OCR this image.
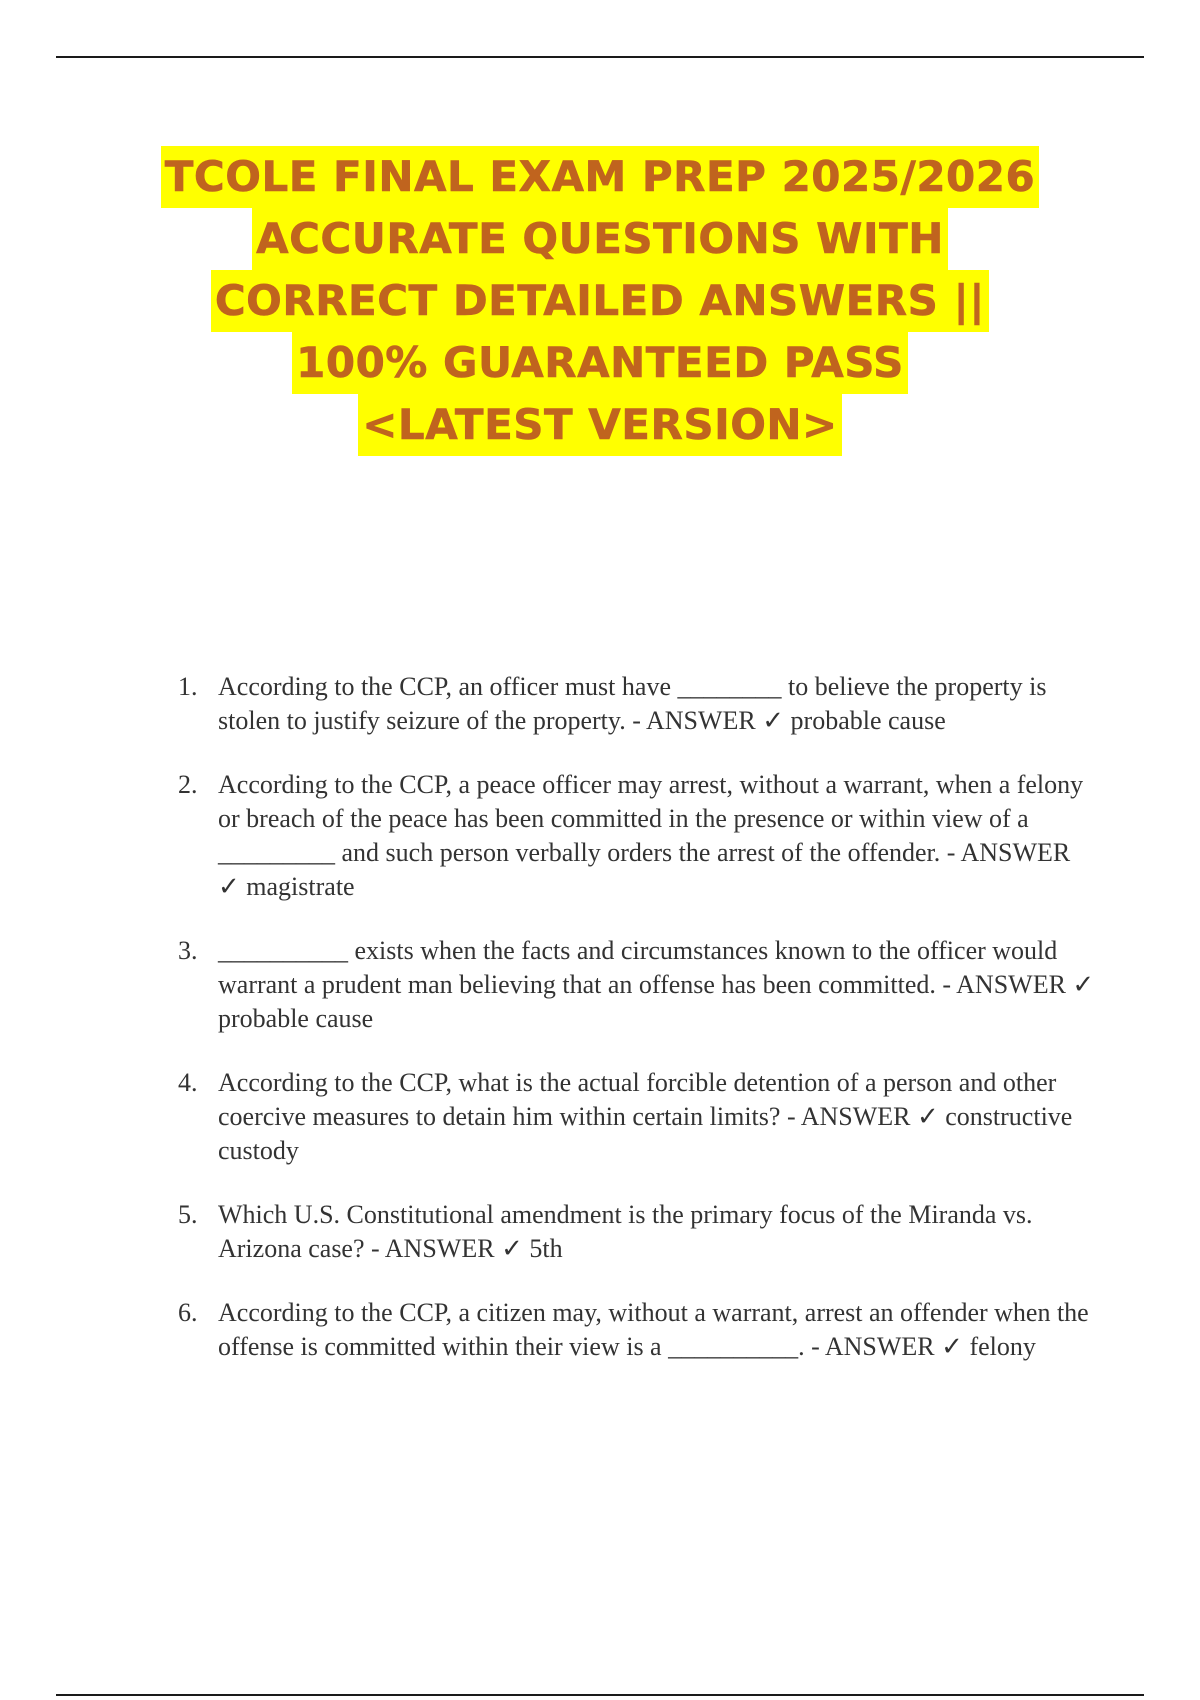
TCOLE FINAL EXAM PREP 2025/2026
ACCURATE QUESTIONS WITH
CORRECT DETAILED ANSWERS ||
100% GUARANTEED PASS
<LATEST VERSION>
1. According to the CCP, an officer must have ________ to believe the property is stolen to justify seizure of the property. - ANSWER ✓ probable cause
2. According to the CCP, a peace officer may arrest, without a warrant, when a felony or breach of the peace has been committed in the presence or within view of a _________ and such person verbally orders the arrest of the offender. - ANSWER ✓ magistrate
3. __________ exists when the facts and circumstances known to the officer would warrant a prudent man believing that an offense has been committed. - ANSWER ✓ probable cause
4. According to the CCP, what is the actual forcible detention of a person and other coercive measures to detain him within certain limits? - ANSWER ✓ constructive custody
5. Which U.S. Constitutional amendment is the primary focus of the Miranda vs. Arizona case? - ANSWER ✓ 5th
6. According to the CCP, a citizen may, without a warrant, arrest an offender when the offense is committed within their view is a __________. - ANSWER ✓ felony
